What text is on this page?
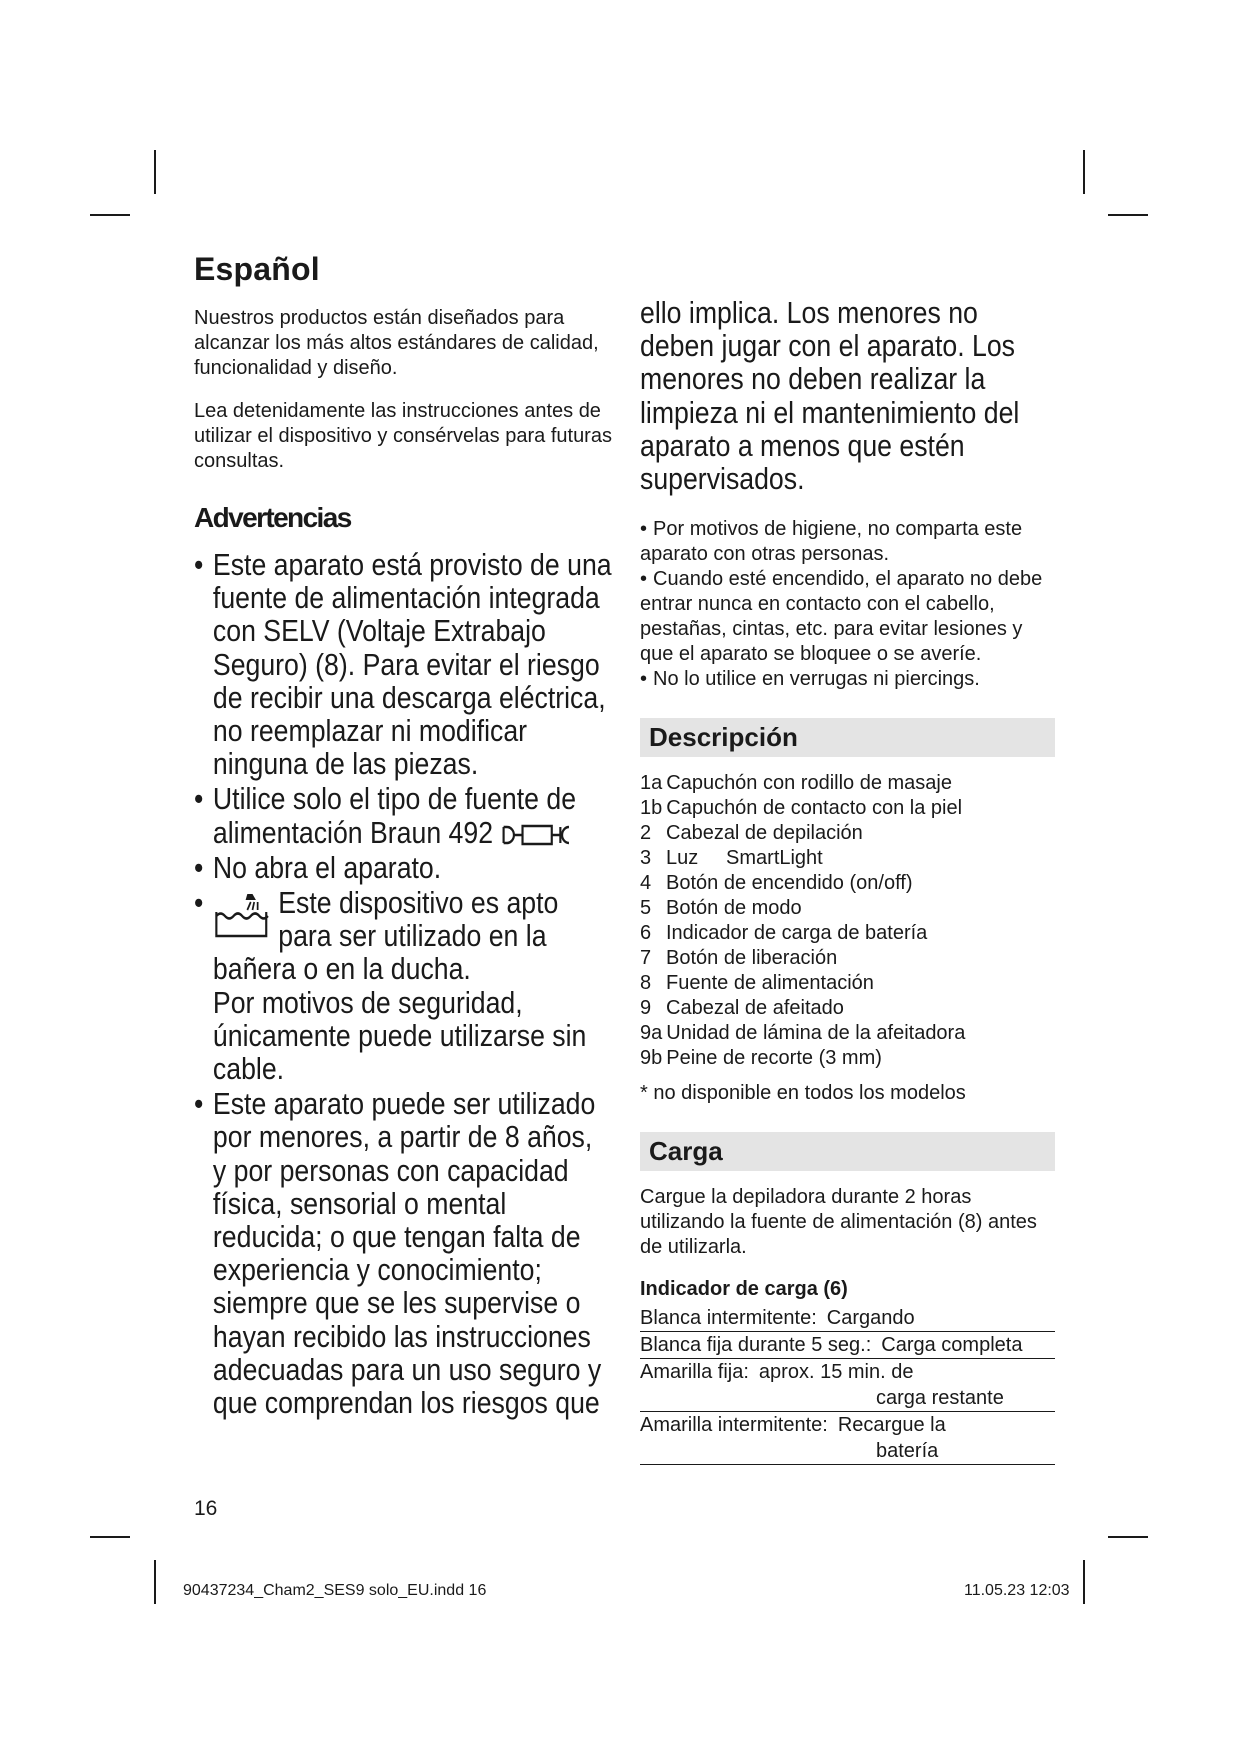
Español

Nuestros productos están diseñados para alcanzar los más altos estándares de calidad, funcionalidad y diseño.

Lea detenidamente las instrucciones antes de utilizar el dispositivo y consérvelas para futuras consultas.

Advertencias
• Este aparato está provisto de una fuente de alimentación integrada con SELV (Voltaje Extrabajo Seguro) (8). Para evitar el riesgo de recibir una descarga eléctrica, no reemplazar ni modificar ninguna de las piezas.
• Utilice solo el tipo de fuente de alimentación Braun 492
• No abra el aparato.
• Este dispositivo es apto para ser utilizado en la bañera o en la ducha.

Por motivos de seguridad, únicamente puede utilizarse sin cable.

• Este aparato puede ser utilizado por menores, a partir de 8 años, y por personas con capacidad física, sensorial o mental reducida; o que tengan falta de experiencia y conocimiento; siempre que se les supervise o hayan recibido las instrucciones adecuadas para un uso seguro y que comprendan los riesgos que

ello implica. Los menores no deben jugar con el aparato. Los menores no deben realizar la limpieza ni el mantenimiento del aparato a menos que estén supervisados.

• Por motivos de higiene, no comparta este aparato con otras personas.
• Cuando esté encendido, el aparato no debe entrar nunca en contacto con el cabello, pestañas, cintas, etc. para evitar lesiones y que el aparato se bloquee o se averíe.
• No lo utilice en verrugas ni piercings.
Descripción
1a Capuchón con rodillo de masaje
1b Capuchón de contacto con la piel
2 Cabezal de depilación
3 Luz     SmartLight
4 Botón de encendido (on/off)
5 Botón de modo
6 Indicador de carga de batería
7 Botón de liberación
8 Fuente de alimentación
9 Cabezal de afeitado
9a Unidad de lámina de la afeitadora
9b Peine de recorte (3 mm)

* no disponible en todos los modelos

Carga

Cargue la depiladora durante 2 horas utilizando la fuente de alimentación (8) antes de utilizarla.

Indicador de carga (6)
Blanca intermitente: Cargando
Blanca fija durante 5 seg.: Carga completa
Amarilla fija: aprox. 15 min. de
carga restante

Amarilla intermitente: Recargue la
batería
16
90437234_Cham2_SES9 solo_EU.indd 16	11.05.23 12:03
